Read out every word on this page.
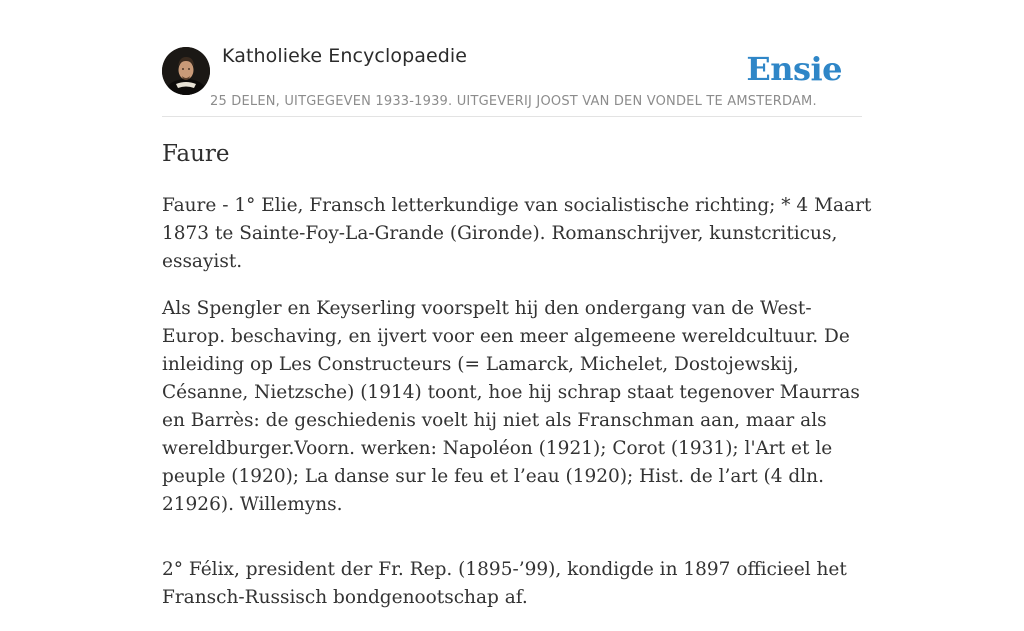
Katholieke Encyclopaedie	Ensie
25 DELEN, UITGEGEVEN 1933-1939. UITGEVERIJ JOOST VAN DEN VONDEL TE AMSTERDAM.
Faure

Faure - 1° Elie, Fransch letterkundige van socialistische richting; * 4 Maart 1873 te Sainte-Foy-La-Grande (Gironde). Romanschrijver, kunstcriticus, essayist.

Als Spengler en Keyserling voorspelt hij den ondergang van de West-Europ. beschaving, en ijvert voor een meer algemeene wereldcultuur. De inleiding op Les Constructeurs (= Lamarck, Michelet, Dostojewskij, Césanne, Nietzsche) (1914) toont, hoe hij schrap staat tegenover Maurras en Barrès: de geschiedenis voelt hij niet als Franschman aan, maar als wereldburger.Voorn. werken: Napoléon (1921); Corot (1931); l'Art et le peuple (1920); La danse sur le feu et l’eau (1920); Hist. de l’art (4 dln. 21926). Willemyns.

2° Félix, president der Fr. Rep. (1895-’99), kondigde in 1897 officieel het Fransch-Russisch bondgenootschap af.
